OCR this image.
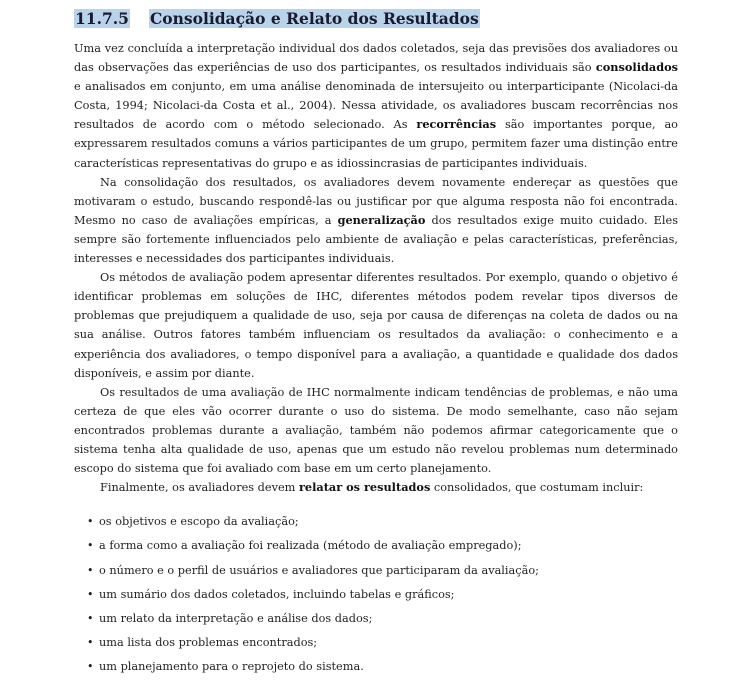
11.7.5 Consolidação e Relato dos Resultados

Uma vez concluída a interpretação individual dos dados coletados, seja das previsões dos avaliadores ou das observações das experiências de uso dos participantes, os resultados individuais são consolidados e analisados em conjunto, em uma análise denominada de intersujeito ou interparticipante (Nicolaci-da Costa, 1994; Nicolaci-da Costa et al., 2004). Nessa atividade, os avaliadores buscam recorrências nos resultados de acordo com o método selecionado. As recorrências são importantes porque, ao expressarem resultados comuns a vários participantes de um grupo, permitem fazer uma distinção entre características representativas do grupo e as idiossincrasias de participantes individuais.

Na consolidação dos resultados, os avaliadores devem novamente endereçar as questões que motivaram o estudo, buscando respondê-las ou justificar por que alguma resposta não foi encontrada. Mesmo no caso de avaliações empíricas, a generalização dos resultados exige muito cuidado. Eles sempre são fortemente influenciados pelo ambiente de avaliação e pelas características, preferências, interesses e necessidades dos participantes individuais.

Os métodos de avaliação podem apresentar diferentes resultados. Por exemplo, quando o objetivo é identificar problemas em soluções de IHC, diferentes métodos podem revelar tipos diversos de problemas que prejudiquem a qualidade de uso, seja por causa de diferenças na coleta de dados ou na sua análise. Outros fatores também influenciam os resultados da avaliação: o conhecimento e a experiência dos avaliadores, o tempo disponível para a avaliação, a quantidade e qualidade dos dados disponíveis, e assim por diante.

Os resultados de uma avaliação de IHC normalmente indicam tendências de problemas, e não uma certeza de que eles vão ocorrer durante o uso do sistema. De modo semelhante, caso não sejam encontrados problemas durante a avaliação, também não podemos afirmar categoricamente que o sistema tenha alta qualidade de uso, apenas que um estudo não revelou problemas num determinado escopo do sistema que foi avaliado com base em um certo planejamento.

Finalmente, os avaliadores devem relatar os resultados consolidados, que costumam incluir:

• os objetivos e escopo da avaliação;
• a forma como a avaliação foi realizada (método de avaliação empregado);
• o número e o perfil de usuários e avaliadores que participaram da avaliação;
• um sumário dos dados coletados, incluindo tabelas e gráficos;
• um relato da interpretação e análise dos dados;
• uma lista dos problemas encontrados;
• um planejamento para o reprojeto do sistema.
